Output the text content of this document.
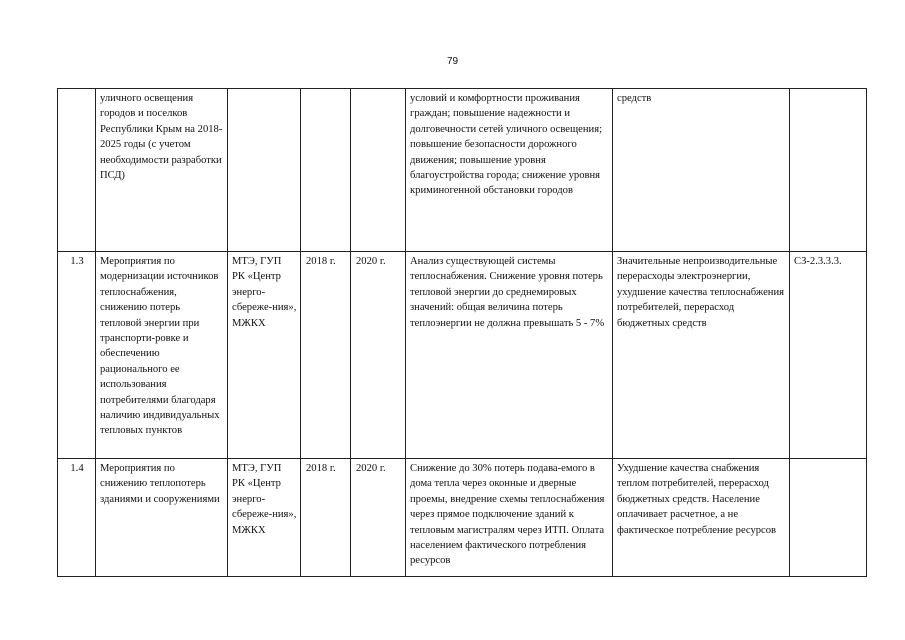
79
	уличного освещения городов и поселков Республики Крым на 2018-2025 годы (с учетом необходимости разработки ПСД)				условий и комфортности проживания граждан; повышение надежности и долговечности сетей уличного освещения; повышение безопасности дорожного движения; повышение уровня благоустройства города; снижение уровня криминогенной обстановки городов	средств	
1.3	Мероприятия по модернизации источников теплоснабжения, снижению потерь тепловой энергии при транспорти-ровке и обеспечению рационального ее использования потребителями благодаря наличию индивидуальных тепловых пунктов	МТЭ, ГУП РК «Центр энерго-сбереже-ния», МЖКХ	2018 г.	2020 г.	Анализ существующей системы теплоснабжения. Снижение уровня потерь тепловой энергии до среднемировых значений: общая величина потерь теплоэнергии не должна превышать 5 - 7%	Значительные непроизводительные перерасходы электроэнергии, ухудшение качества теплоснабжения потребителей, перерасход бюджетных средств	СЗ-2.3.3.3.
1.4	Мероприятия по снижению теплопотерь зданиями и сооружениями	МТЭ, ГУП РК «Центр энерго-сбереже-ния», МЖКХ	2018 г.	2020 г.	Снижение до 30% потерь подава-емого в дома тепла через оконные и дверные проемы, внедрение схемы теплоснабжения через прямое подключение зданий к тепловым магистралям через ИТП. Оплата населением фактического потребления ресурсов	Ухудшение качества снабжения теплом потребителей, перерасход бюджетных средств. Население оплачивает расчетное, а не фактическое потребление ресурсов	
